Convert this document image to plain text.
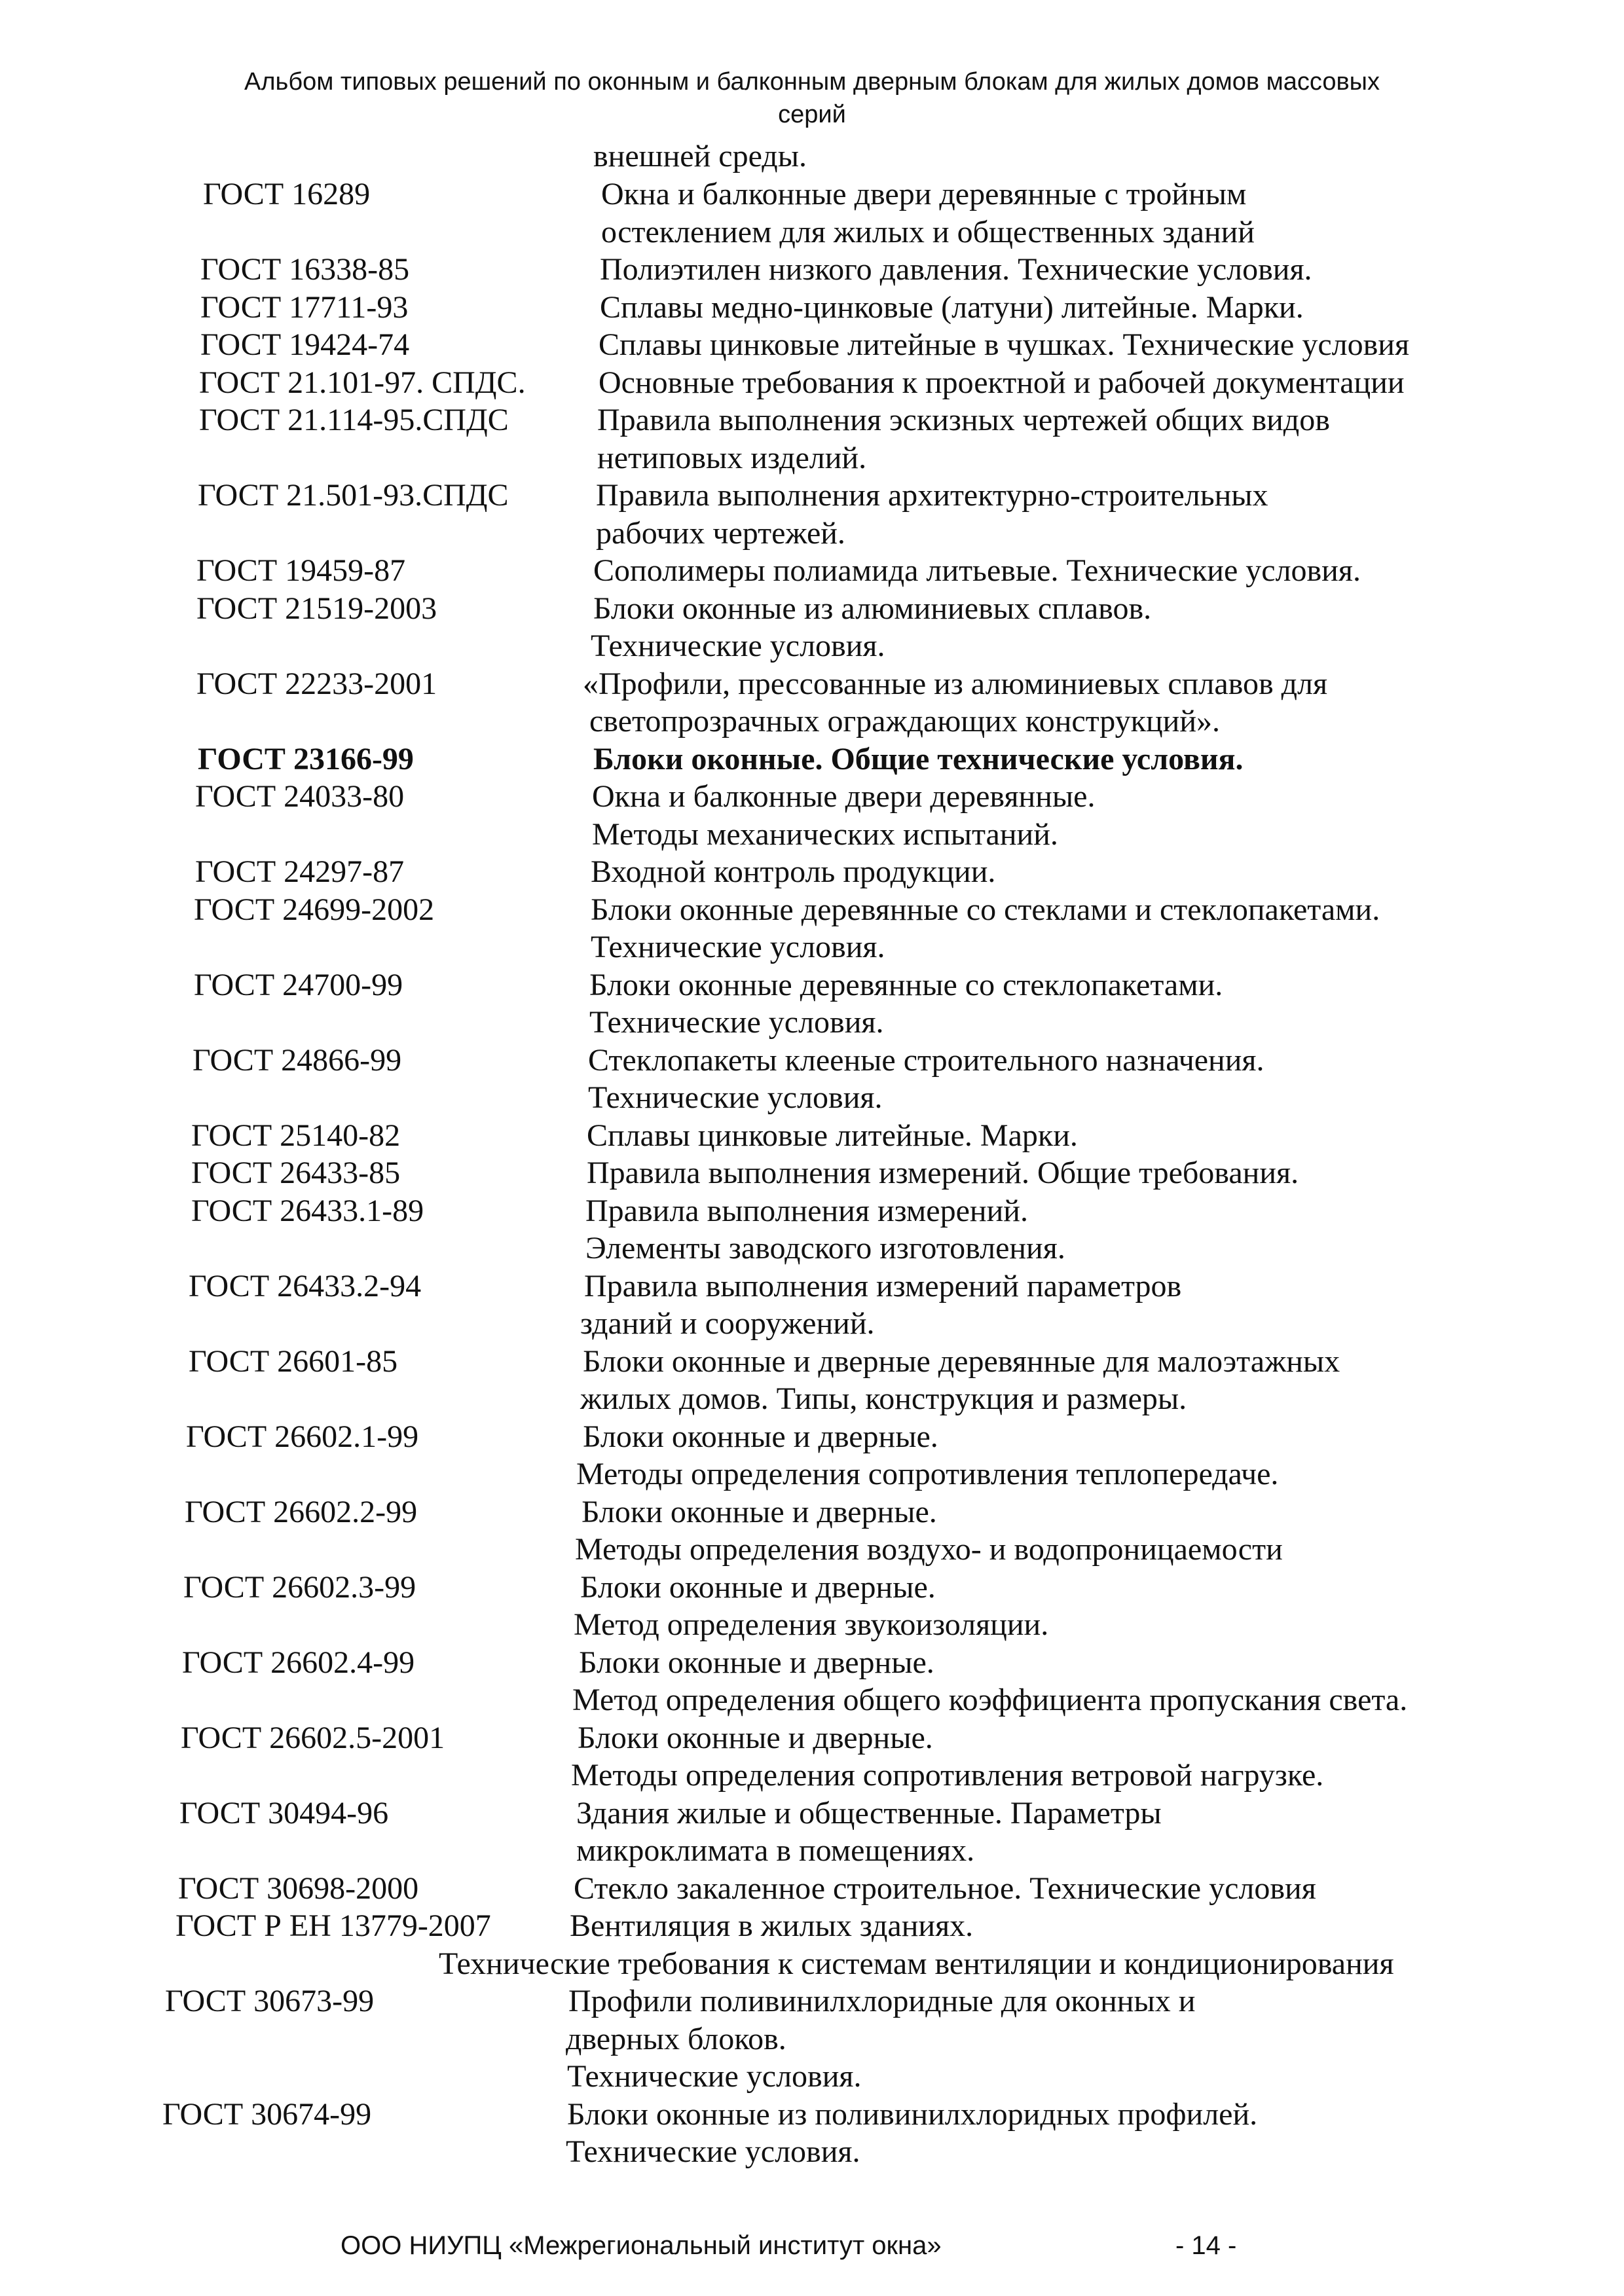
Альбом типовых решений по оконным и балконным дверным блокам для жилых домов массовых
серий
внешней среды.
ГОСТ 16289	Окна и балконные двери деревянные с тройным
остеклением для жилых и общественных зданий
ГОСТ 16338-85	Полиэтилен низкого давления. Технические условия.
ГОСТ 17711-93	Сплавы медно-цинковые (латуни) литейные. Марки.
ГОСТ 19424-74	Сплавы цинковые литейные в чушках. Технические условия
ГОСТ 21.101-97. СПДС. Основные требования к проектной и рабочей документации
ГОСТ 21.114-95.СПДС	Правила выполнения эскизных чертежей общих видов
нетиповых изделий.
ГОСТ 21.501-93.СПДС	Правила выполнения архитектурно-строительных
рабочих чертежей.
ГОСТ 19459-87	Сополимеры полиамида литьевые. Технические условия.
ГОСТ 21519-2003	Блоки оконные из алюминиевых сплавов.
Технические условия.
ГОСТ 22233-2001	«Профили, прессованные из алюминиевых сплавов для
светопрозрачных ограждающих конструкций».
ГОСТ 23166-99	Блоки оконные. Общие технические условия.
ГОСТ 24033-80	Окна и балконные двери деревянные.
Методы механических испытаний.
ГОСТ 24297-87	Входной контроль продукции.
ГОСТ 24699-2002	Блоки оконные деревянные со стеклами и стеклопакетами.
Технические условия.
ГОСТ 24700-99	Блоки оконные деревянные со стеклопакетами.
Технические условия.
ГОСТ 24866-99	Стеклопакеты клееные строительного назначения.
Технические условия.
ГОСТ 25140-82	Сплавы цинковые литейные. Марки.
ГОСТ 26433-85	Правила выполнения измерений. Общие требования.
ГОСТ 26433.1-89	Правила выполнения измерений.
Элементы заводского изготовления.
ГОСТ 26433.2-94	Правила выполнения измерений параметров
зданий и сооружений.
ГОСТ 26601-85	Блоки оконные и дверные деревянные для малоэтажных
жилых домов. Типы, конструкция и размеры.
ГОСТ 26602.1-99	Блоки оконные и дверные.
Методы определения сопротивления теплопередаче.
ГОСТ 26602.2-99	Блоки оконные и дверные.
Методы определения воздухо- и водопроницаемости
ГОСТ 26602.3-99	Блоки оконные и дверные.
Метод определения звукоизоляции.
ГОСТ 26602.4-99	Блоки оконные и дверные.
Метод определения общего коэффициента пропускания света.
ГОСТ 26602.5-2001	Блоки оконные и дверные.
Методы определения сопротивления ветровой нагрузке.
ГОСТ 30494-96	Здания жилые и общественные. Параметры
микроклимата в помещениях.
ГОСТ 30698-2000	Стекло закаленное строительное. Технические условия
ГОСТ Р ЕН 13779-2007	Вентиляция в жилых зданиях.
Технические требования к системам вентиляции и кондиционирования
ГОСТ 30673-99	Профили поливинилхлоридные для оконных и
дверных блоков.
Технические условия.
ГОСТ 30674-99	Блоки оконные из поливинилхлоридных профилей.
Технические условия.
ООО НИУПЦ «Межрегиональный институт окна»	- 14 -
